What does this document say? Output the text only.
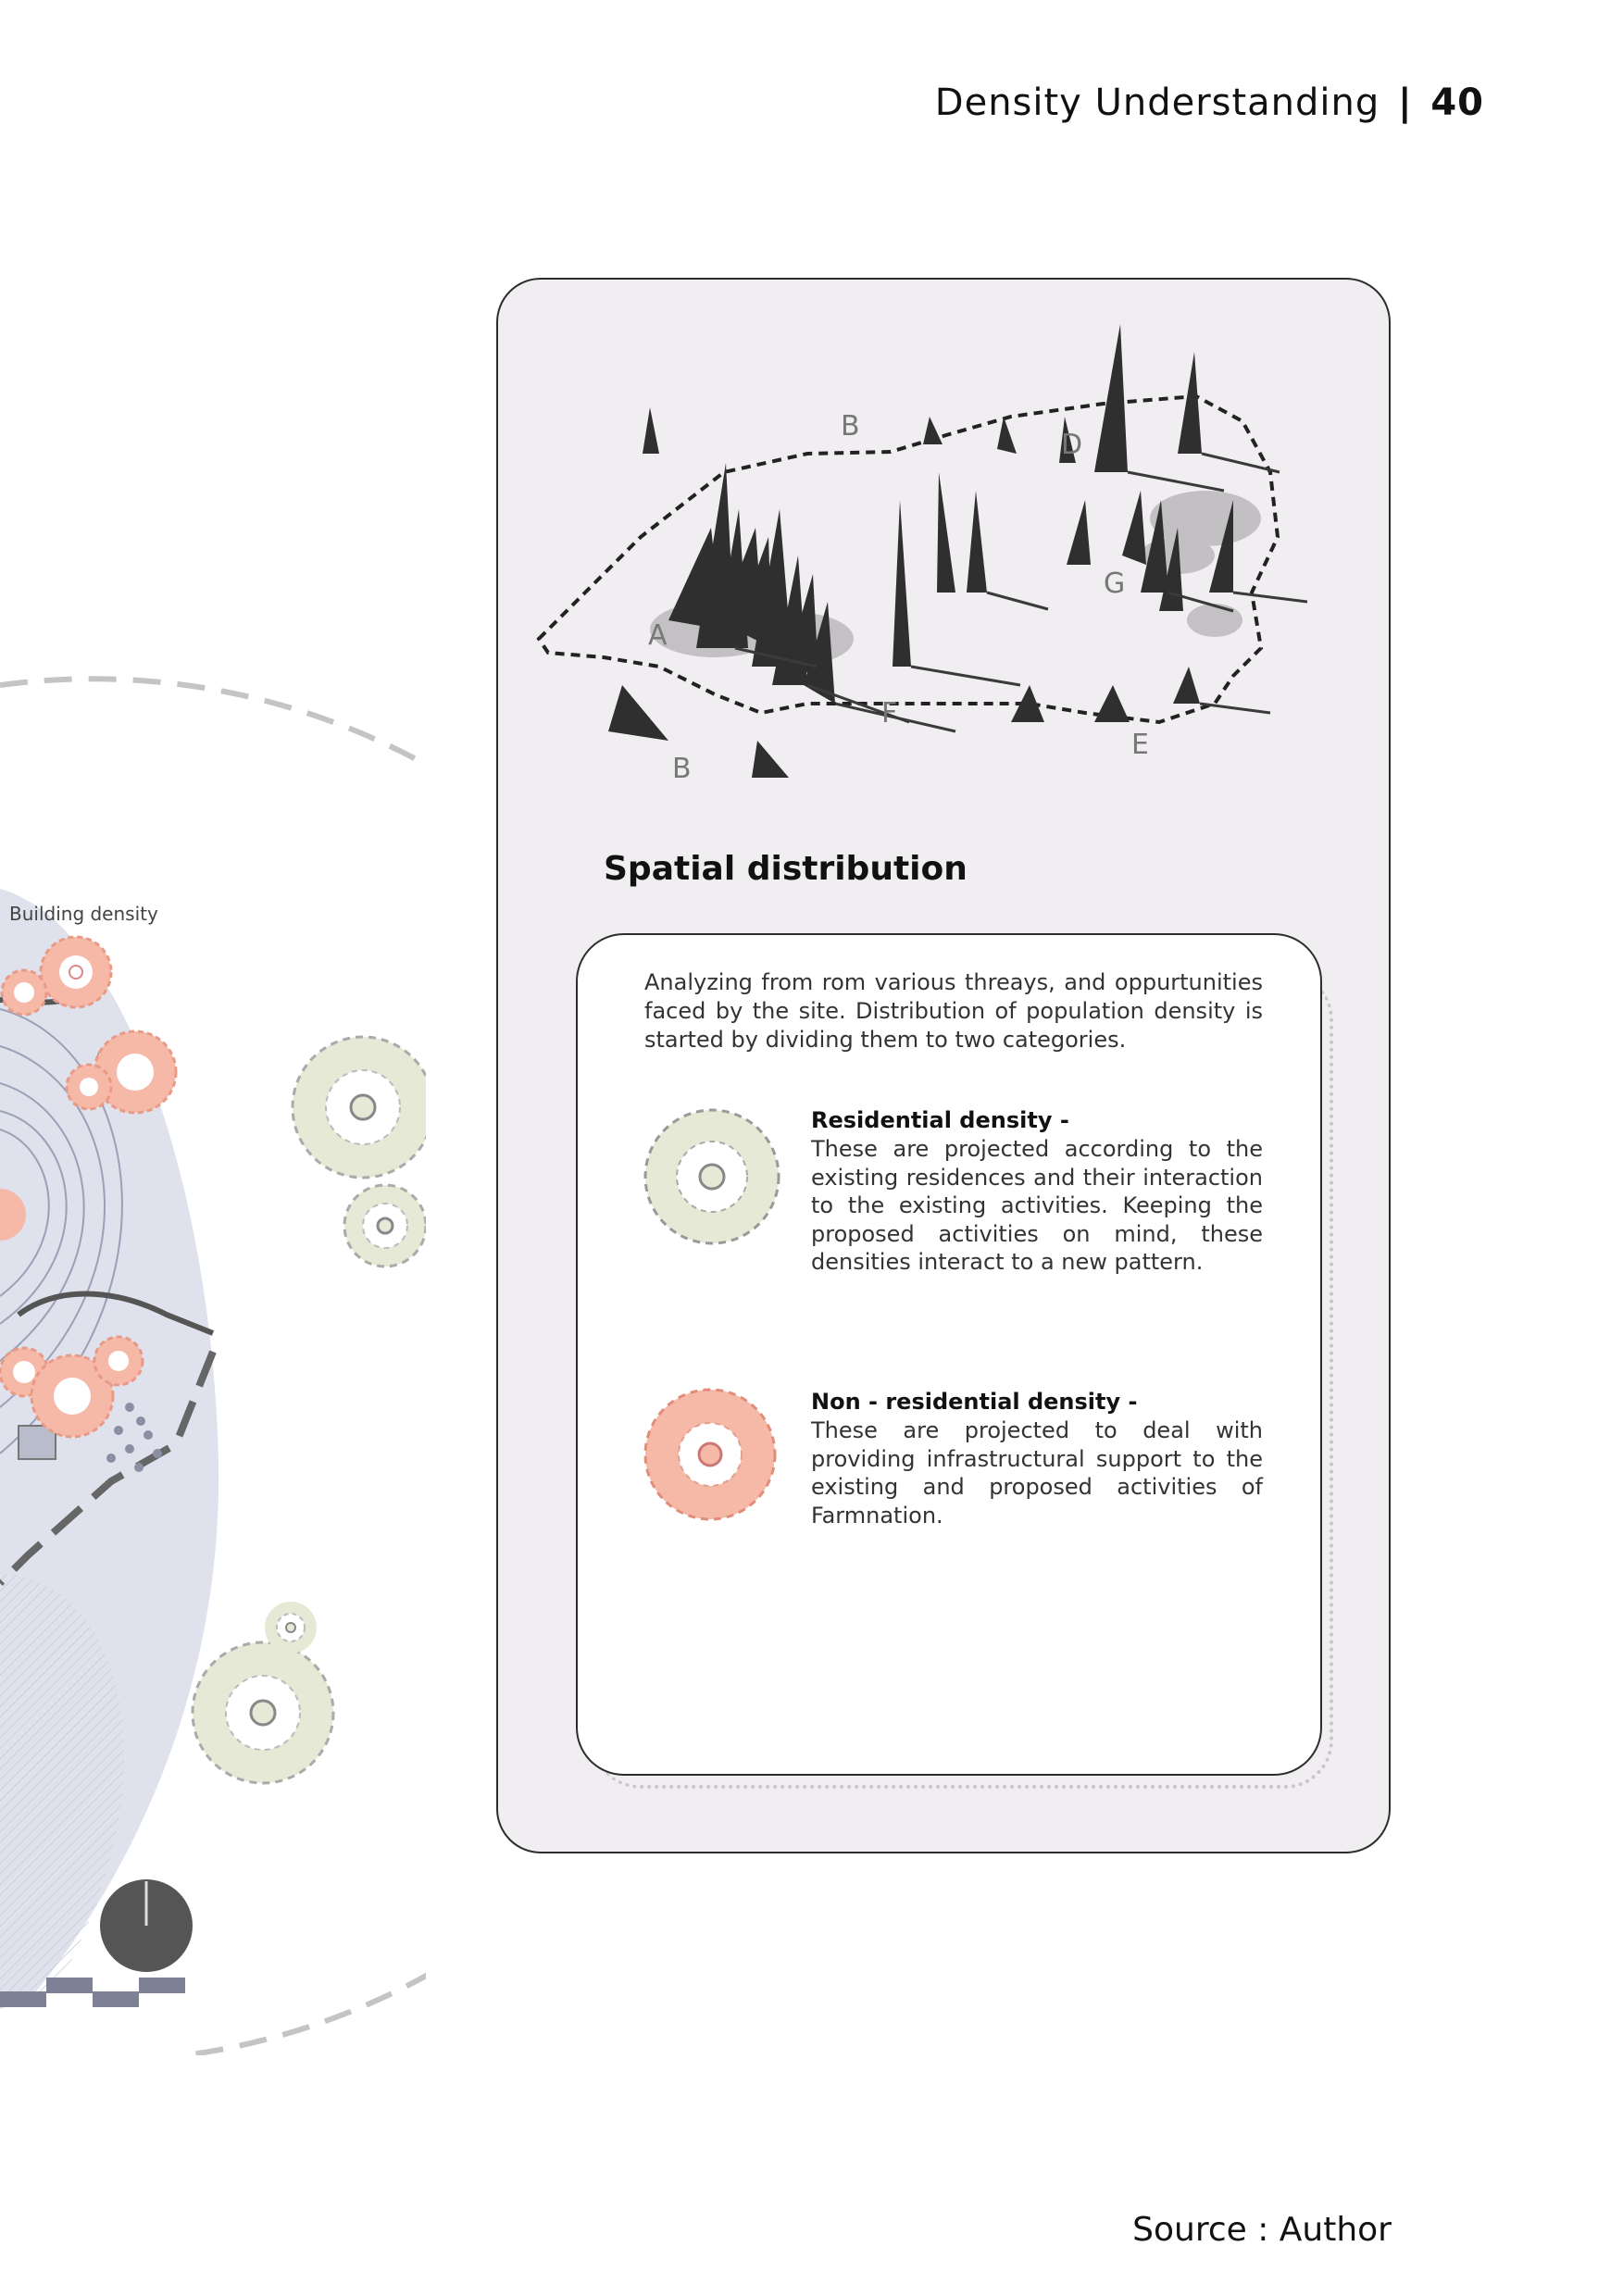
Density Understanding | 40
Building density
B
D
G
A
F
E
B
Spatial distribution
Analyzing from rom various threays, and oppurtunities faced by the site. Distribution of population density is started by dividing them to two categories.
Residential density -
These are projected according to the existing residences and their interaction to the existing activities. Keeping the proposed activities on mind, these densities interact to a new pattern.
Non - residential density -
These are projected to deal with providing infrastructural support to the existing and proposed activities of Farmnation.
Source : Author
